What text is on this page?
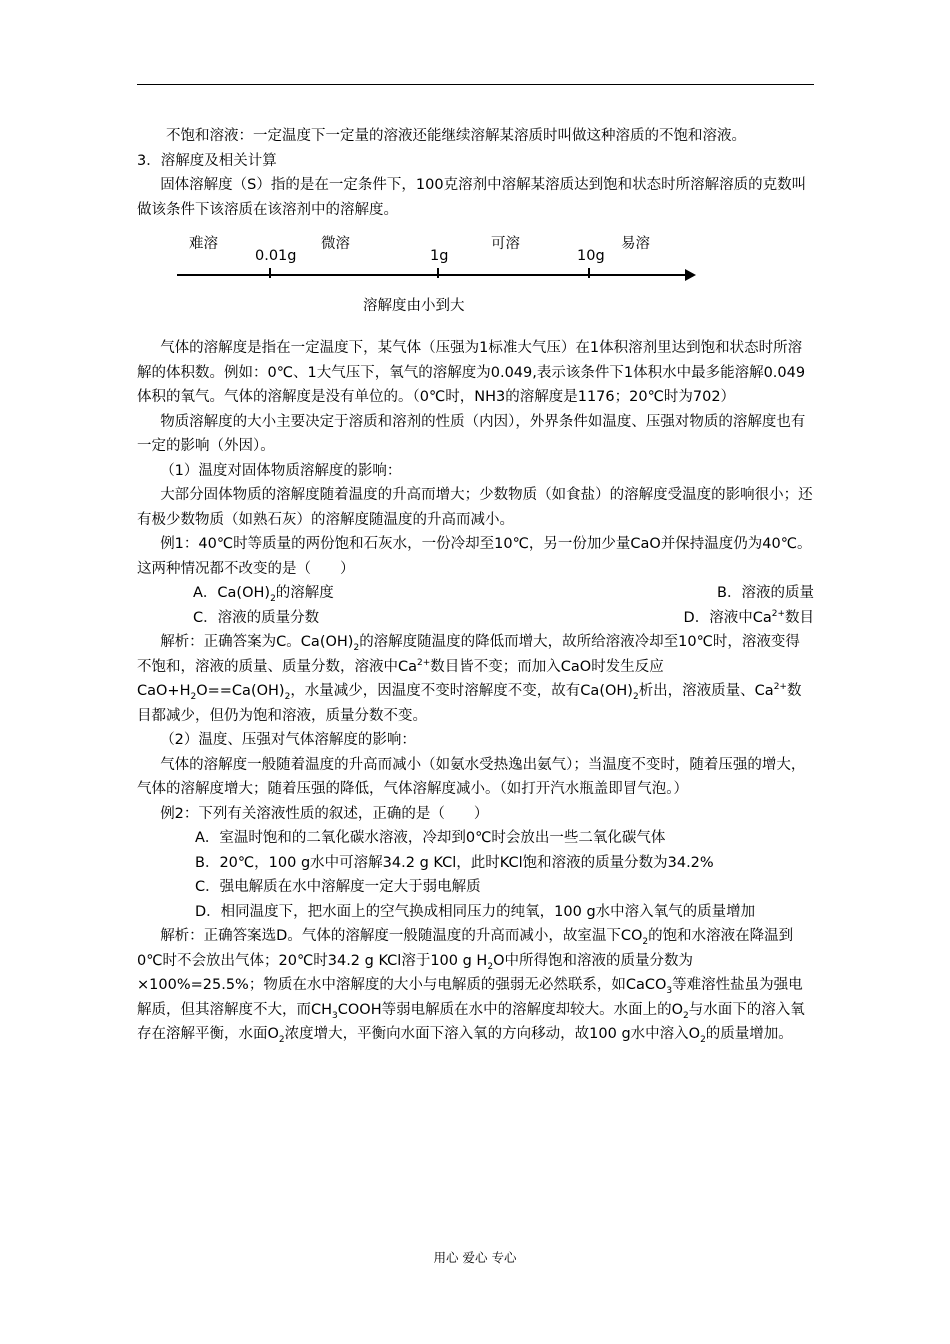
不饱和溶液：一定温度下一定量的溶液还能继续溶解某溶质时叫做这种溶质的不饱和溶液。

3．溶解度及相关计算

固体溶解度（S）指的是在一定条件下，100克溶剂中溶解某溶质达到饱和状态时所溶解溶质的克数叫做该条件下该溶质在该溶剂中的溶解度。

难溶
0.01g
微溶
1g
可溶
10g
易溶
溶解度由小到大

气体的溶解度是指在一定温度下，某气体（压强为1标准大气压）在1体积溶剂里达到饱和状态时所溶解的体积数。例如：0℃、1大气压下，氧气的溶解度为0.049,表示该条件下1体积水中最多能溶解0.049体积的氧气。气体的溶解度是没有单位的。（0℃时，NH3的溶解度是1176；20℃时为702）

物质溶解度的大小主要决定于溶质和溶剂的性质（内因），外界条件如温度、压强对物质的溶解度也有一定的影响（外因）。

（1）温度对固体物质溶解度的影响：

大部分固体物质的溶解度随着温度的升高而增大；少数物质（如食盐）的溶解度受温度的影响很小；还有极少数物质（如熟石灰）的溶解度随温度的升高而减小。

例1：40℃时等质量的两份饱和石灰水，一份冷却至10℃，另一份加少量CaO并保持温度仍为40℃。这两种情况都不改变的是（　　）

A．$Ca(OH)_2$的溶解度	B．溶液的质量
C．溶液的质量分数	D．溶液中$Ca^{2+}$数目

解析：正确答案为C。$Ca(OH)_2$的溶解度随温度的降低而增大，故所给溶液冷却至10℃时，溶液变得不饱和，溶液的质量、质量分数，溶液中$Ca^{2+}$数目皆不变；而加入CaO时发生反应$CaO+H_2O==Ca(OH)_2$，水量减少，因温度不变时溶解度不变，故有$Ca(OH)_2$析出，溶液质量、$Ca^{2+}$数目都减少，但仍为饱和溶液，质量分数不变。

（2）温度、压强对气体溶解度的影响：

气体的溶解度一般随着温度的升高而减小（如氨水受热逸出氨气）；当温度不变时，随着压强的增大，气体的溶解度增大；随着压强的降低，气体溶解度减小。（如打开汽水瓶盖即冒气泡。）

例2：下列有关溶液性质的叙述，正确的是（　　）

A．室温时饱和的二氧化碳水溶液，冷却到0℃时会放出一些二氧化碳气体

B．20℃，100 g水中可溶解34.2 g KCl，此时KCl饱和溶液的质量分数为34.2%

C．强电解质在水中溶解度一定大于弱电解质

D．相同温度下，把水面上的空气换成相同压力的纯氧，100 g水中溶入氧气的质量增加

解析：正确答案选D。气体的溶解度一般随温度的升高而减小，故室温下$CO_2$的饱和水溶液在降温到0℃时不会放出气体；20℃时34.2 g KCl溶于100 g $H_2O$中所得饱和溶液的质量分数为×100%=25.5%；物质在水中溶解度的大小与电解质的强弱无必然联系，如CaCO$_3$等难溶性盐虽为强电解质，但其溶解度不大，而$CH_3COOH$等弱电解质在水中的溶解度却较大。水面上的$O_2$与水面下的溶入氧存在溶解平衡，水面$O_2$浓度增大，平衡向水面下溶入氧的方向移动，故100 g水中溶入$O_2$的质量增加。

用心 爱心 专心
